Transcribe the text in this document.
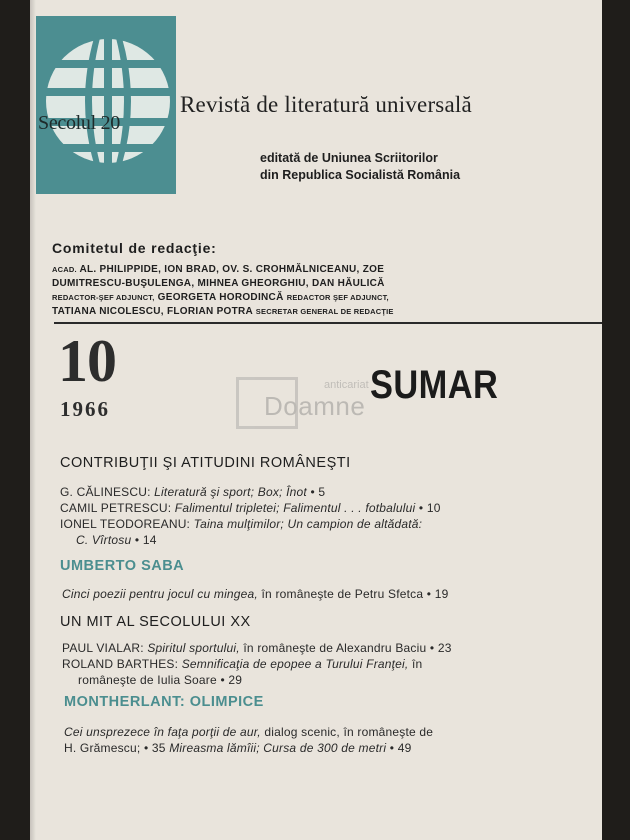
Secolul 20
Revistă de literatură universală
editată de Uniunea Scriitorilor
din Republica Socialistă România
Comitetul de redacţie:
ACAD. AL. PHILIPPIDE, ION BRAD, OV. S. CROHMĂLNICEANU, ZOE
DUMITRESCU-BUŞULENGA, MIHNEA GHEORGHIU, DAN HĂULICĂ
REDACTOR-ŞEF ADJUNCT, GEORGETA HORODINCĂ REDACTOR ŞEF ADJUNCT,
TATIANA NICOLESCU, FLORIAN POTRA SECRETAR GENERAL DE REDACŢIE
10
1966
anticariat
Doamne SUMAR
CONTRIBUŢII ŞI ATITUDINI ROMÂNEŞTI
G. CĂLINESCU: Literatură şi sport; Box; Înot • 5
CAMIL PETRESCU: Falimentul tripletei; Falimentul . . . fotbalului • 10
IONEL TEODOREANU: Taina mulţimilor; Un campion de altădată:
C. Vîrtosu • 14
UMBERTO SABA
Cinci poezii pentru jocul cu mingea, în româneşte de Petru Sfetca • 19
UN MIT AL SECOLULUI XX
PAUL VIALAR: Spiritul sportului, în româneşte de Alexandru Baciu • 23
ROLAND BARTHES: Semnificaţia de epopee a Turului Franţei, în
româneşte de Iulia Soare • 29
MONTHERLANT: OLIMPICE
Cei unsprezece în faţa porţii de aur, dialog scenic, în româneşte de
H. Grămescu; • 35 Mireasma lămîii; Cursa de 300 de metri • 49
